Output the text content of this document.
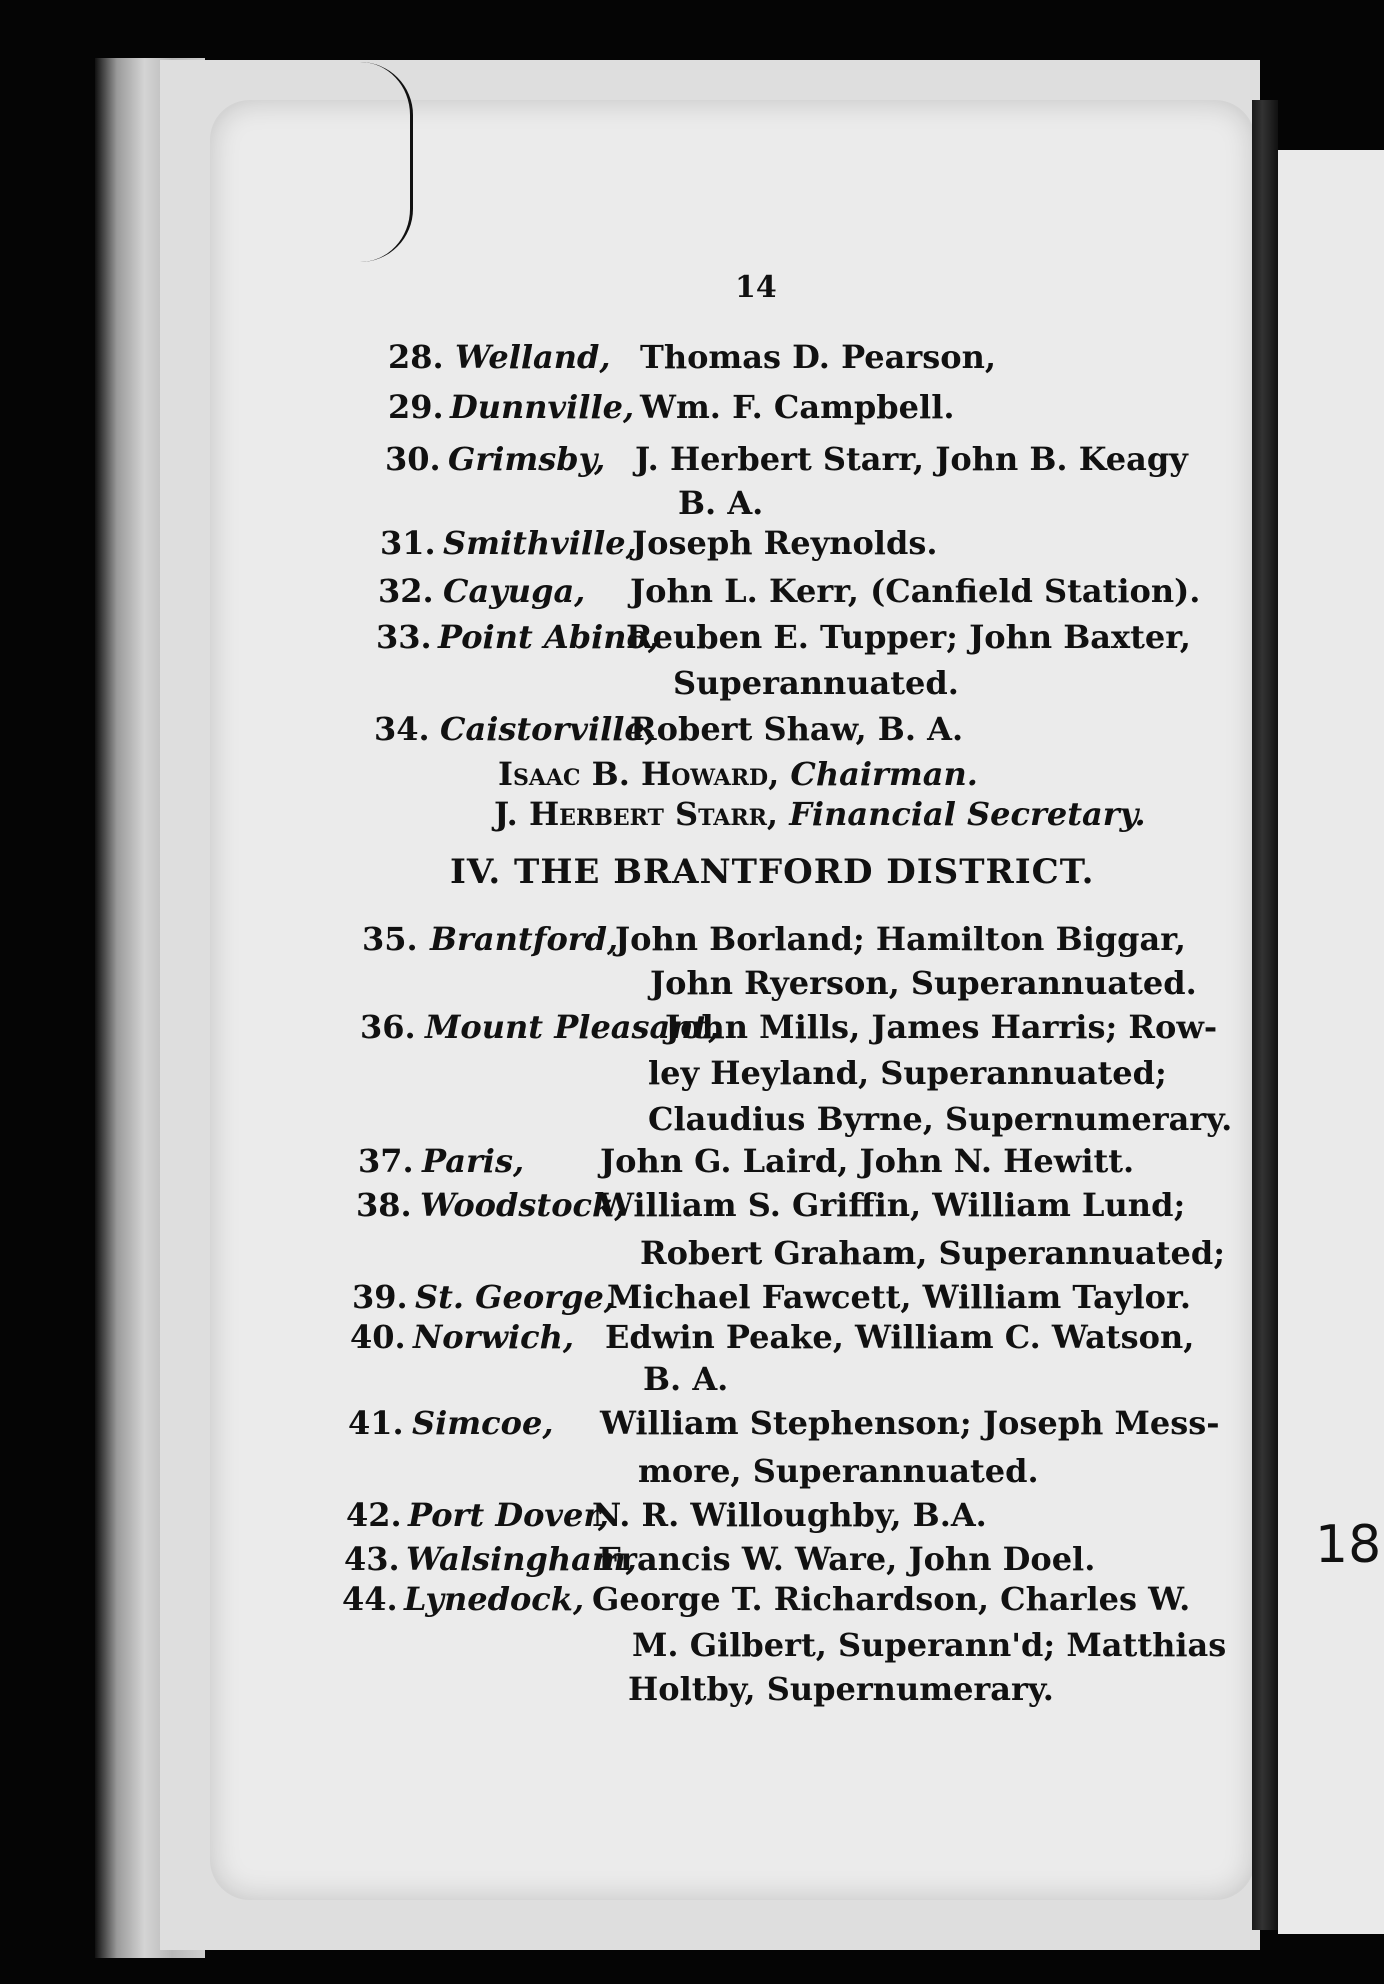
18
14
28. Welland, Thomas D. Pearson,
29. Dunnville, Wm. F. Campbell.
30. Grimsby, J. Herbert Starr, John B. Keagy
B. A.
31. Smithville,
Joseph Reynolds.
32. Cayuga, John L. Kerr, (Canfield Station).
33. Point Abino,
Reuben E. Tupper; John Baxter,
Superannuated.
34. Caistorville,
Robert Shaw, B. A.
Isaac B. Howard, Chairman.
J. Herbert Starr, Financial Secretary.
IV. THE BRANTFORD DISTRICT.
35. Brantford,
John Borland; Hamilton Biggar,
John Ryerson, Superannuated.
36. Mount Pleasant,
John Mills, James Harris; Row-
ley Heyland, Superannuated;
Claudius Byrne, Supernumerary.
37. Paris, John G. Laird, John N. Hewitt.
38. Woodstock,
William S. Griffin, William Lund;
Robert Graham, Superannuated;
39. St. George,
Michael Fawcett, William Taylor.
40. Norwich, Edwin Peake, William C. Watson,
B. A.
41. Simcoe, William Stephenson; Joseph Mess-
more, Superannuated.
42. Port Dover,
N. R. Willoughby, B.A.
43. Walsingham,
Francis W. Ware, John Doel.
44. Lynedock, George T. Richardson, Charles W.
M. Gilbert, Superann'd; Matthias
Holtby, Supernumerary.
